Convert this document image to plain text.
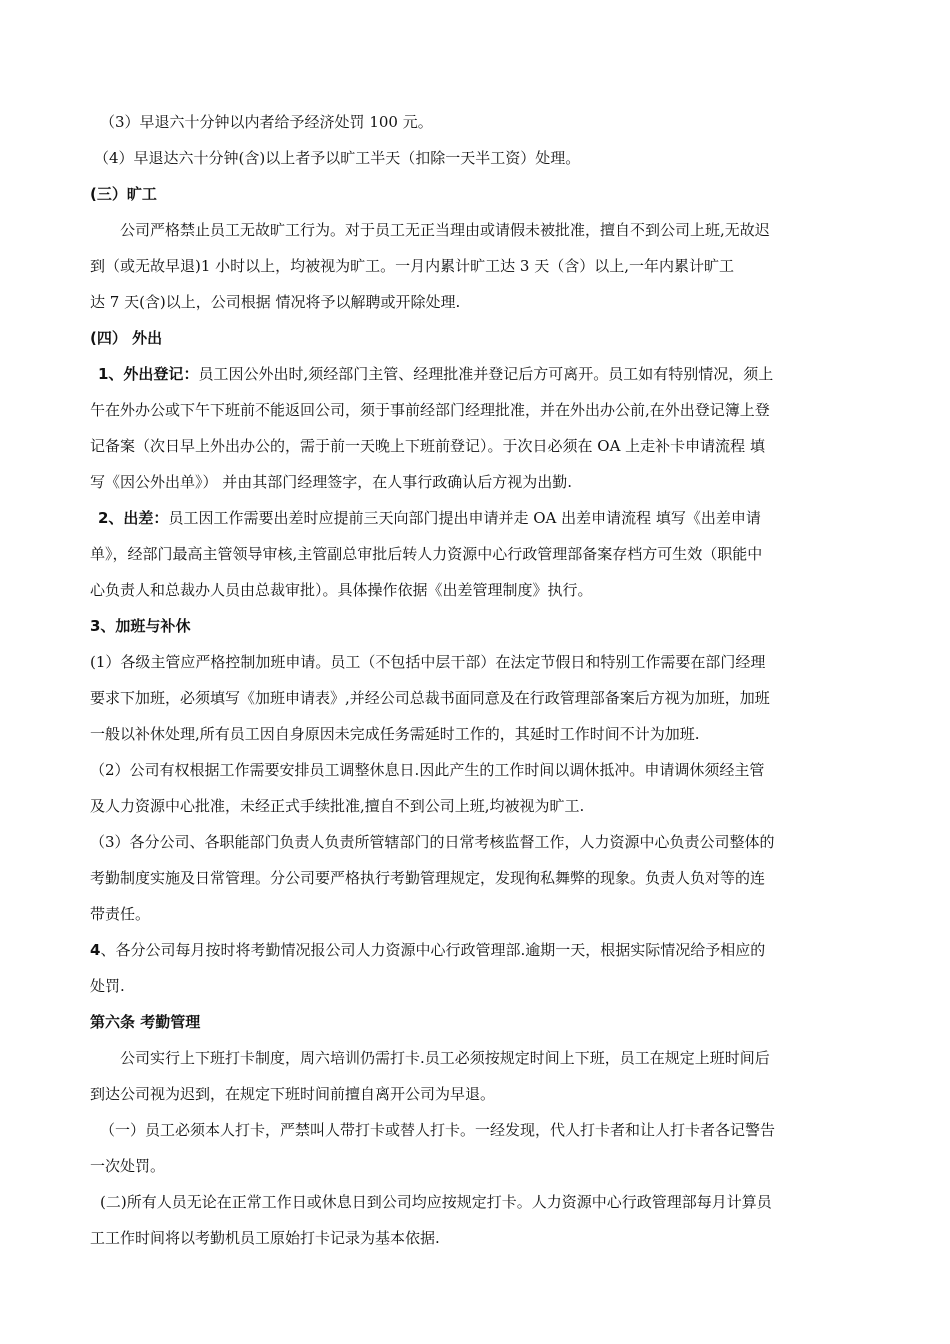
（3）早退六十分钟以内者给予经济处罚 100 元。
（4）早退达六十分钟(含)以上者予以旷工半天（扣除一天半工资）处理。
(三）旷工
公司严格禁止员工无故旷工行为。对于员工无正当理由或请假未被批准，擅自不到公司上班,无故迟
到（或无故早退)1 小时以上，均被视为旷工。一月内累计旷工达 3 天（含）以上,一年内累计旷工
达 7 天(含)以上，公司根据 情况将予以解聘或开除处理.
(四） 外出
1、外出登记：员工因公外出时,须经部门主管、经理批准并登记后方可离开。员工如有特别情况，须上
午在外办公或下午下班前不能返回公司，须于事前经部门经理批准，并在外出办公前,在外出登记簿上登
记备案（次日早上外出办公的，需于前一天晚上下班前登记）。于次日必须在 OA 上走补卡申请流程 填
写《因公外出单》） 并由其部门经理签字，在人事行政确认后方视为出勤.
2、出差：员工因工作需要出差时应提前三天向部门提出申请并走 OA 出差申请流程 填写《出差申请
单》，经部门最高主管领导审核,主管副总审批后转人力资源中心行政管理部备案存档方可生效（职能中
心负责人和总裁办人员由总裁审批）。具体操作依据《出差管理制度》执行。
3、加班与补休
(1）各级主管应严格控制加班申请。员工（不包括中层干部）在法定节假日和特别工作需要在部门经理
要求下加班，必须填写《加班申请表》,并经公司总裁书面同意及在行政管理部备案后方视为加班，加班
一般以补休处理,所有员工因自身原因未完成任务需延时工作的，其延时工作时间不计为加班.
（2）公司有权根据工作需要安排员工调整休息日.因此产生的工作时间以调休抵冲。申请调休须经主管
及人力资源中心批准，未经正式手续批准,擅自不到公司上班,均被视为旷工.
（3）各分公司、各职能部门负责人负责所管辖部门的日常考核监督工作，人力资源中心负责公司整体的
考勤制度实施及日常管理。分公司要严格执行考勤管理规定，发现徇私舞弊的现象。负责人负对等的连
带责任。
4、各分公司每月按时将考勤情况报公司人力资源中心行政管理部.逾期一天，根据实际情况给予相应的
处罚.
第六条 考勤管理
公司实行上下班打卡制度，周六培训仍需打卡.员工必须按规定时间上下班，员工在规定上班时间后
到达公司视为迟到，在规定下班时间前擅自离开公司为早退。
（一）员工必须本人打卡，严禁叫人带打卡或替人打卡。一经发现，代人打卡者和让人打卡者各记警告
一次处罚。
(二)所有人员无论在正常工作日或休息日到公司均应按规定打卡。人力资源中心行政管理部每月计算员
工工作时间将以考勤机员工原始打卡记录为基本依据.
